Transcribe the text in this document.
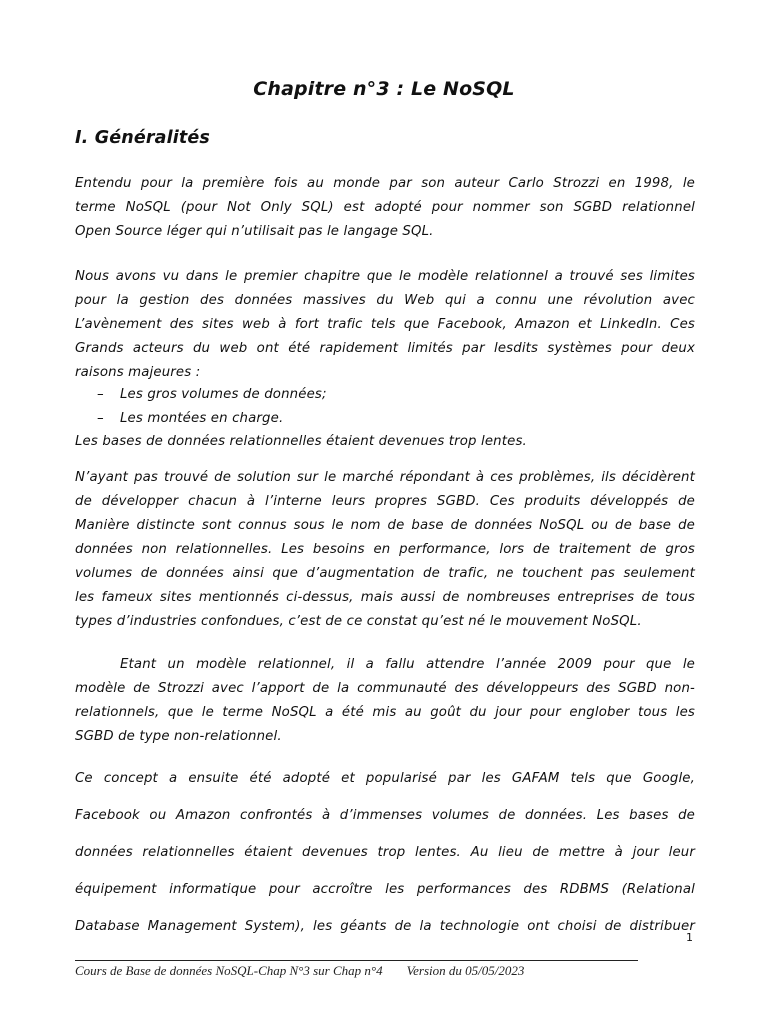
Chapitre n°3 : Le NoSQL
I. Généralités
Entendu pour la première fois au monde par son auteur Carlo Strozzi en 1998, le
terme NoSQL (pour Not Only SQL) est adopté pour nommer son SGBD relationnel
Open Source léger qui n’utilisait pas le langage SQL.
Nous avons vu dans le premier chapitre que le modèle relationnel a trouvé ses limites
pour la gestion des données massives du Web qui a connu une révolution avec
L’avènement des sites web à fort trafic tels que Facebook, Amazon et LinkedIn. Ces
Grands acteurs du web ont été rapidement limités par lesdits systèmes pour deux
raisons majeures :
– Les gros volumes de données;
– Les montées en charge.
Les bases de données relationnelles étaient devenues trop lentes.
N’ayant pas trouvé de solution sur le marché répondant à ces problèmes, ils décidèrent
de développer chacun à l’interne leurs propres SGBD. Ces produits développés de
Manière distincte sont connus sous le nom de base de données NoSQL ou de base de
données non relationnelles. Les besoins en performance, lors de traitement de gros
volumes de données ainsi que d’augmentation de trafic, ne touchent pas seulement
les fameux sites mentionnés ci-dessus, mais aussi de nombreuses entreprises de tous
types d’industries confondues, c’est de ce constat qu’est né le mouvement NoSQL.
Etant un modèle relationnel, il a fallu attendre l’année 2009 pour que le
modèle de Strozzi avec l’apport de la communauté des développeurs des SGBD non-
relationnels, que le terme NoSQL a été mis au goût du jour pour englober tous les
SGBD de type non-relationnel.
Ce concept a ensuite été adopté et popularisé par les GAFAM tels que Google,
Facebook ou Amazon confrontés à d’immenses volumes de données. Les bases de
données relationnelles étaient devenues trop lentes. Au lieu de mettre à jour leur
équipement informatique pour accroître les performances des RDBMS (Relational
Database Management System), les géants de la technologie ont choisi de distribuer
1
Cours de Base de données NoSQL-Chap N°3 sur Chap n°4 Version du 05/05/2023
